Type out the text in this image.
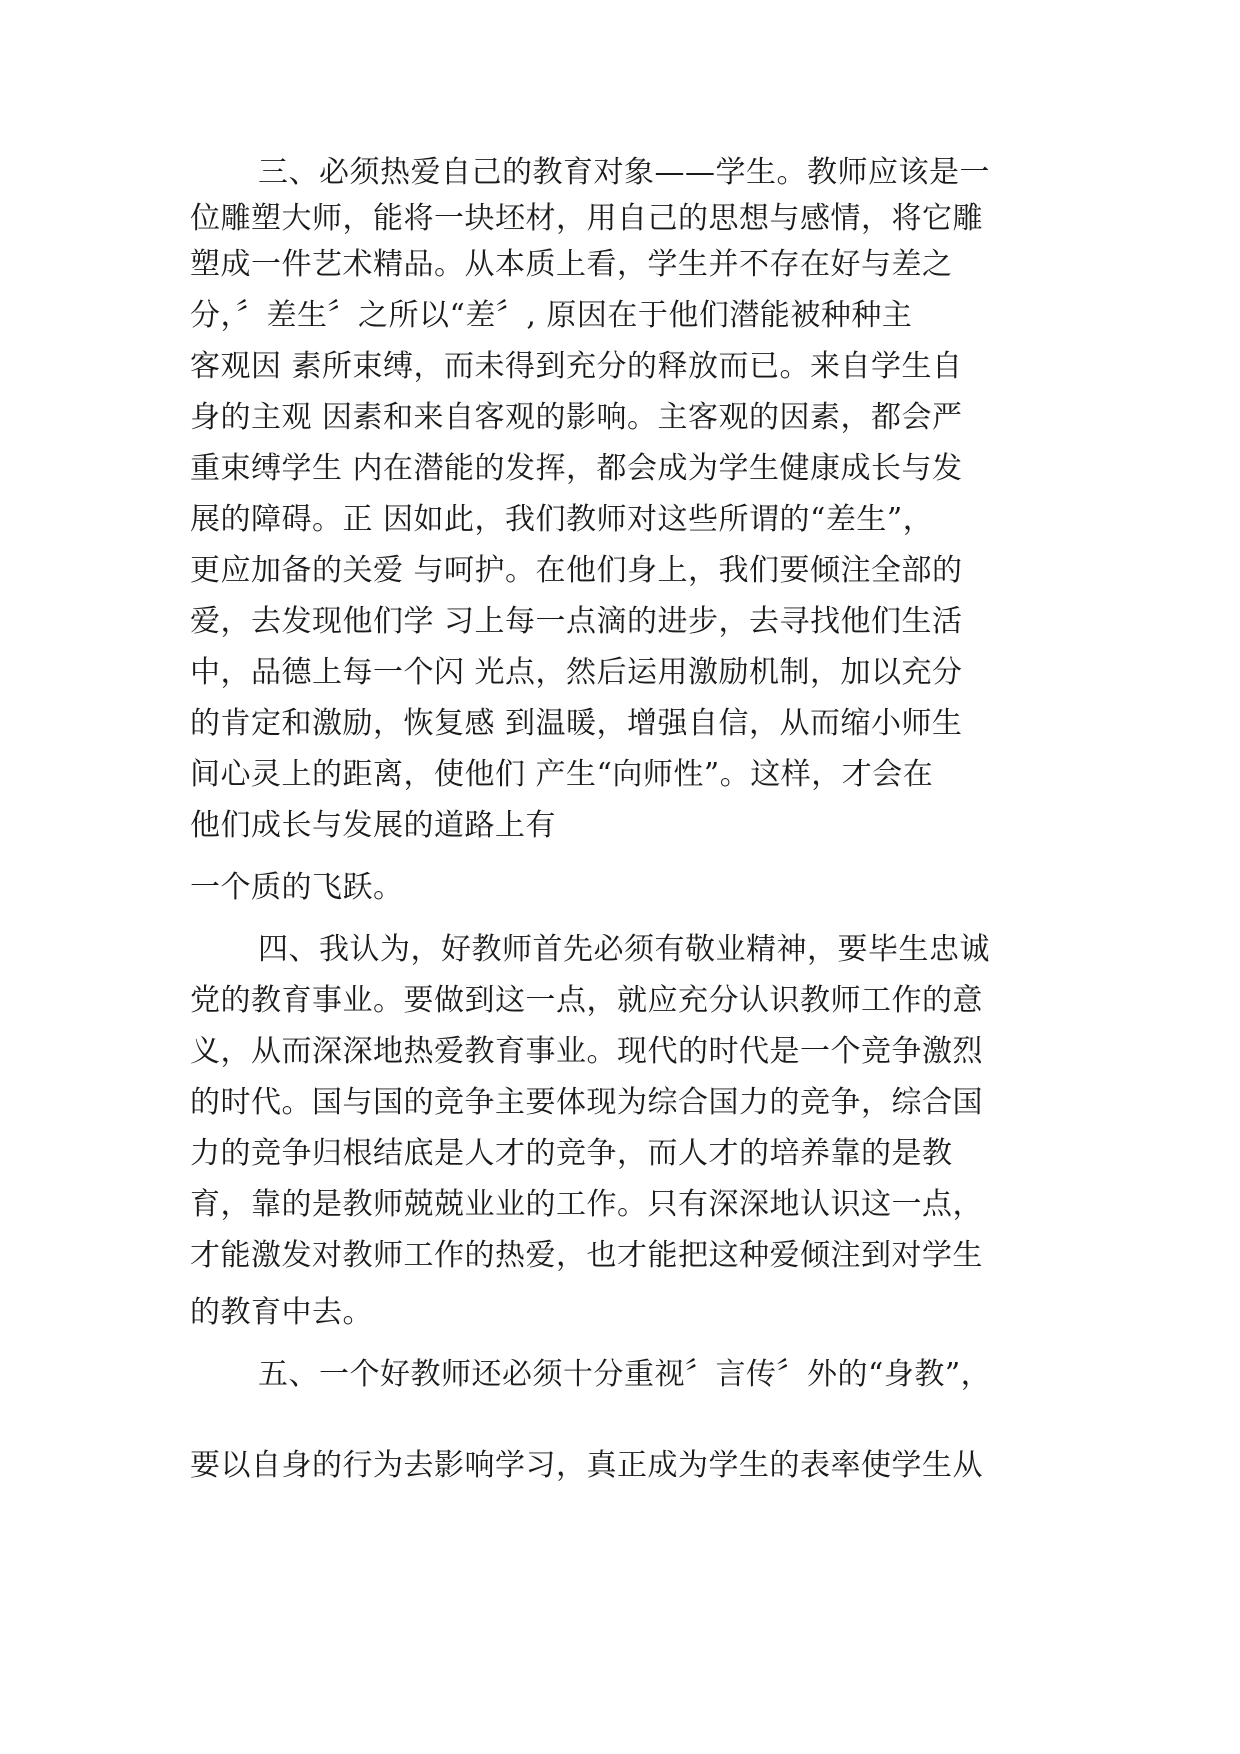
三、必须热爱自己的教育对象——学生。教师应该是一

位雕塑大师，能将一块坯材，用自己的思想与感情，将它雕

塑成一件艺术精品。从本质上看，学生并不存在好与差之

分，〞差生〞之所以“差〞, 原因在于他们潜能被种种主

客观因 素所束缚，而未得到充分的释放而已。来自学生自

身的主观 因素和来自客观的影响。主客观的因素，都会严

重束缚学生 内在潜能的发挥，都会成为学生健康成长与发

展的障碍。正 因如此，我们教师对这些所谓的“差生”，

更应加备的关爱 与呵护。在他们身上，我们要倾注全部的

爱，去发现他们学 习上每一点滴的进步，去寻找他们生活

中，品德上每一个闪 光点，然后运用激励机制，加以充分

的肯定和激励，恢复感 到温暖，增强自信，从而缩小师生

间心灵上的距离，使他们 产生“向师性”。这样，才会在

他们成长与发展的道路上有

一个质的飞跃。

四、我认为，好教师首先必须有敬业精神，要毕生忠诚

党的教育事业。要做到这一点，就应充分认识教师工作的意

义，从而深深地热爱教育事业。现代的时代是一个竞争激烈

的时代。国与国的竞争主要体现为综合国力的竞争，综合国

力的竞争归根结底是人才的竞争，而人才的培养靠的是教

育，靠的是教师兢兢业业的工作。只有深深地认识这一点，

才能激发对教师工作的热爱，也才能把这种爱倾注到对学生

的教育中去。

五、一个好教师还必须十分重视〞言传〞外的“身教”，

要以自身的行为去影响学习，真正成为学生的表率使学生从
